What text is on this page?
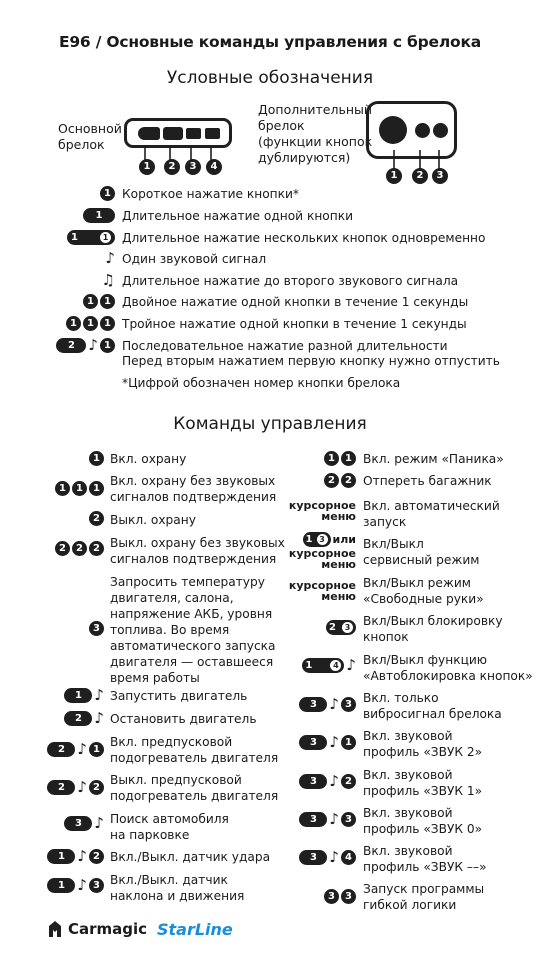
E96 / Основные команды управления с брелока
Условные обозначения
Основной
брелок
1	2	3	4
Дополнительный
брелок
(функции кнопок
дублируются)
1	2	3
1 Короткое нажатие кнопки*
1	Длительное нажатие одной кнопки
1	1 Длительное нажатие нескольких кнопок одновременно
♪ Один звуковой сигнал
♫ Длительное нажатие до второго звукового сигнала
1	1 Двойное нажатие одной кнопки в течение 1 секунды
1	1	1 Тройное нажатие одной кнопки в течение 1 секунды
2 ♪ 1 Последовательное нажатие разной длительности
Перед вторым нажатием первую кнопку нужно отпустить
*Цифрой обозначен номер кнопки брелока
Команды управления
1 Вкл. охрану
1	1	1 Вкл. охрану без звуковых
сигналов подтверждения
2 Выкл. охрану
2	2	2 Выкл. охрану без звуковых
сигналов подтверждения
3
Запросить температуру
двигателя, салона,
напряжение АКБ, уровня
топлива. Во время
автоматического запуска
двигателя — оставшееся
время работы
1 ♪ Запустить двигатель
2 ♪ Остановить двигатель
2 ♪ 1 Вкл. предпусковой
подогреватель двигателя
2 ♪ 2 Выкл. предпусковой
подогреватель двигателя
3 ♪ Поиск автомобиля
на парковке
1 ♪ 2 Вкл./Выкл. датчик удара
1 ♪ 3 Вкл./Выкл. датчик
наклона и движения
1	1 Вкл. режим «Паника»
2	2 Отпереть багажник
курсорное
меню
Вкл. автоматический
запуск
1 3 или
курсорное
меню
Вкл/Выкл
сервисный режим
курсорное
меню
Вкл/Выкл режим
«Свободные руки»
2	3 Вкл/Выкл блокировку
кнопок
1	4 ♪ Вкл/Выкл функцию
«Автоблокировка кнопок»
3 ♪ 3 Вкл. только
вибросигнал брелока
3 ♪ 1 Вкл. звуковой
профиль «ЗВУК 2»
3 ♪ 2 Вкл. звуковой
профиль «ЗВУК 1»
3 ♪ 3 Вкл. звуковой
профиль «ЗВУК 0»
3 ♪ 4 Вкл. звуковой
профиль «ЗВУК ––»
3	3 Запуск программы
гибкой логики
Carmagic StarLine
